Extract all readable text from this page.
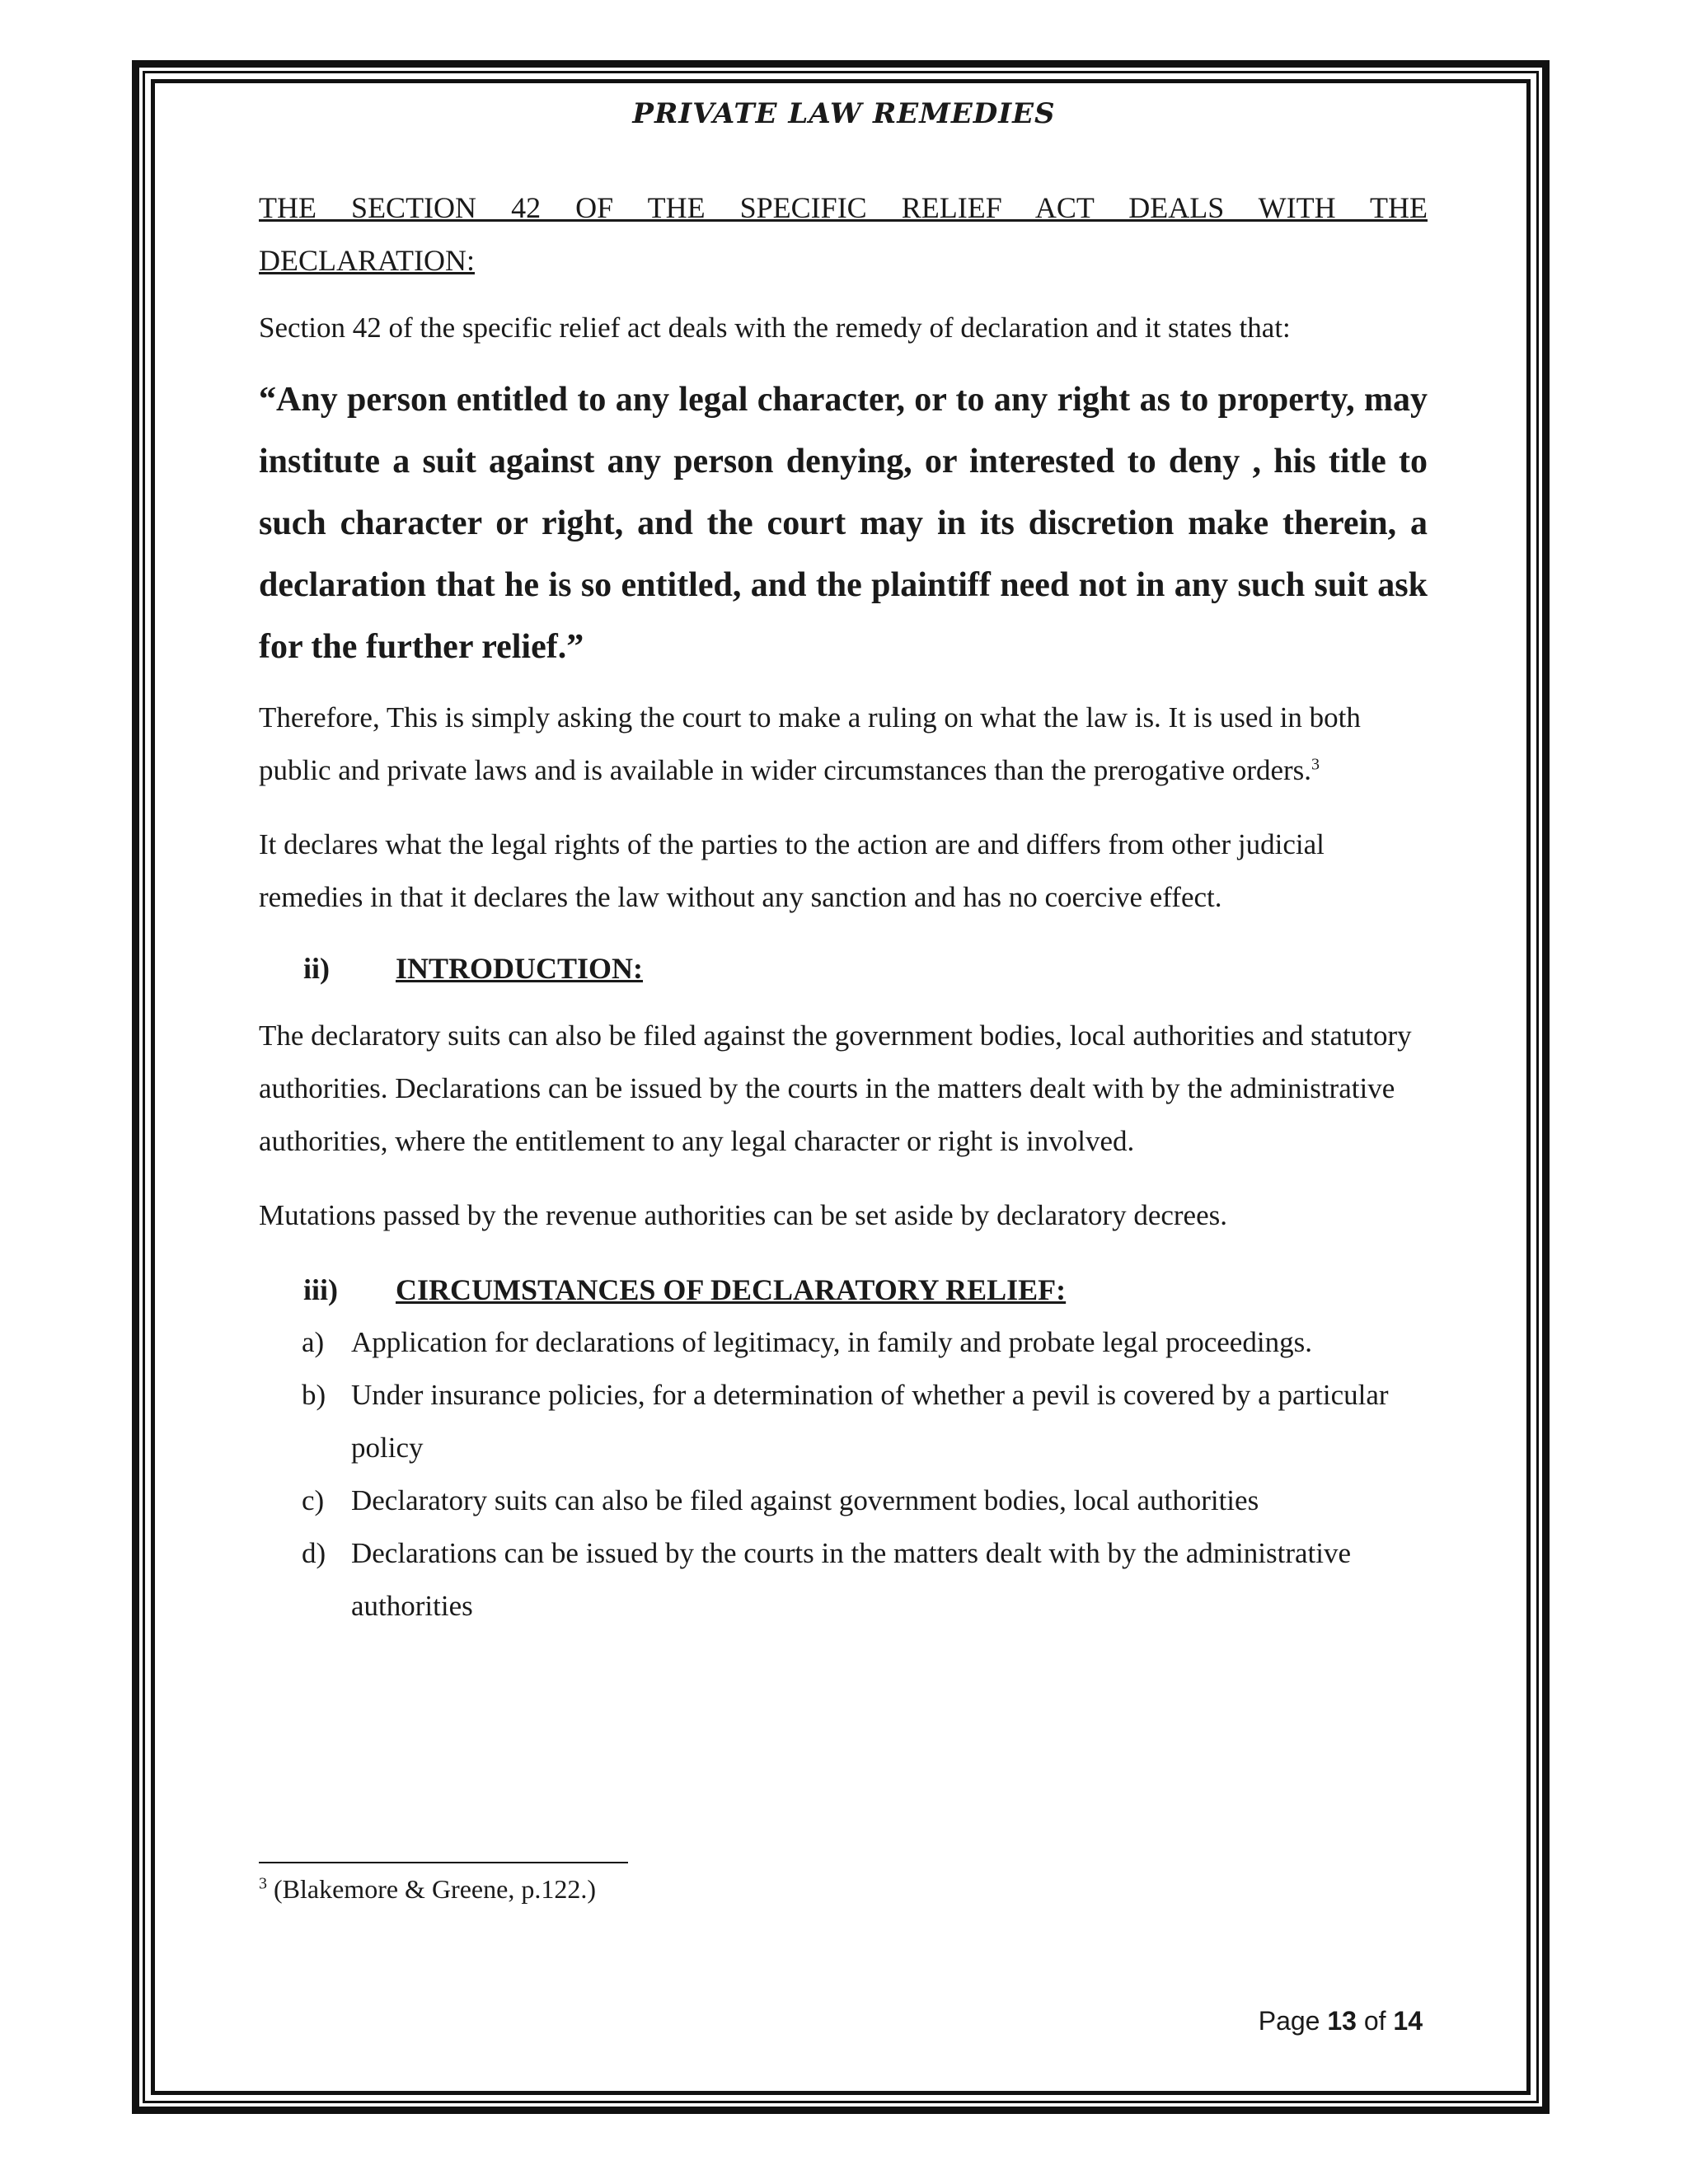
PRIVATE LAW REMEDIES

THE SECTION 42 OF THE SPECIFIC RELIEF ACT DEALS WITH THE
DECLARATION:

Section 42 of the specific relief act deals with the remedy of declaration and it states that:

“Any person entitled to any legal character, or to any right as to property, may institute a suit against any person denying, or interested to deny , his title to such character or right, and the court may in its discretion make therein, a declaration that he is so entitled, and the plaintiff need not in any such suit ask for the further relief.”

Therefore, This is simply asking the court to make a ruling on what the law is. It is used in both public and private laws and is available in wider circumstances than the prerogative orders.$^3$

It declares what the legal rights of the parties to the action are and differs from other judicial remedies in that it declares the law without any sanction and has no coercive effect.

ii) INTRODUCTION:

The declaratory suits can also be filed against the government bodies, local authorities and statutory authorities. Declarations can be issued by the courts in the matters dealt with by the administrative authorities, where the entitlement to any legal character or right is involved.

Mutations passed by the revenue authorities can be set aside by declaratory decrees.

iii) CIRCUMSTANCES OF DECLARATORY RELIEF:

a) Application for declarations of legitimacy, in family and probate legal proceedings.
b) Under insurance policies, for a determination of whether a pevil is covered by a particular policy
c) Declaratory suits can also be filed against government bodies, local authorities
d) Declarations can be issued by the courts in the matters dealt with by the administrative authorities
$^3$ (Blakemore & Greene, p.122.)
Page 13 of 14
